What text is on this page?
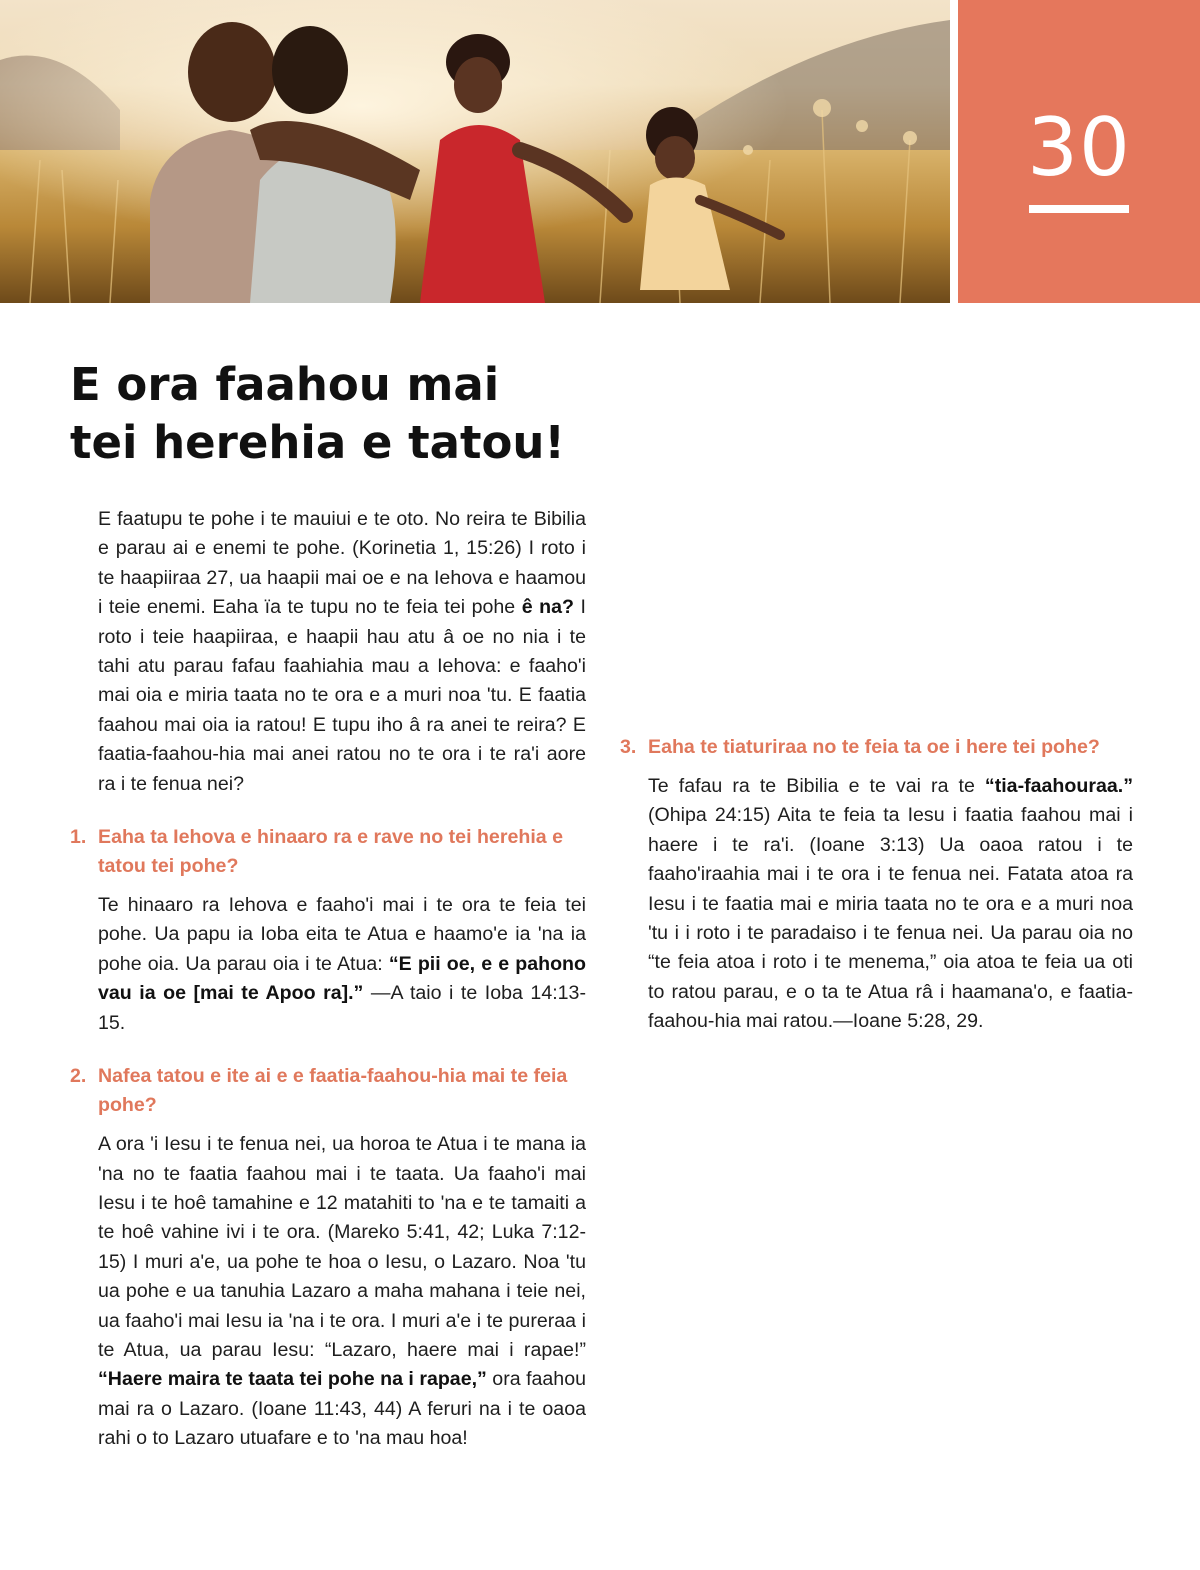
30
E ora faahou mai
tei herehia e tatou!

E faatupu te pohe i te mauiui e te oto. No reira te Bibilia e parau ai e enemi te pohe. (Korinetia 1, 15:26) I roto i te haapiiraa 27, ua haapii mai oe e na Iehova e haamou i teie enemi. Eaha ïa te tupu no te feia tei pohe ê na? I roto i teie haapiiraa, e haapii hau atu â oe no nia i te tahi atu parau fafau faahiahia mau a Iehova: e faaho'i mai oia e miria taata no te ora e a muri noa 'tu. E faatia faahou mai oia ia ratou! E tupu iho â ra anei te reira? E faatia-faahou-hia mai anei ratou no te ora i te ra'i aore ra i te fenua nei?

1. Eaha ta Iehova e hinaaro ra e rave no tei herehia e tatou tei pohe?

Te hinaaro ra Iehova e faaho'i mai i te ora te feia tei pohe. Ua papu ia Ioba eita te Atua e haamo'e ia 'na ia pohe oia. Ua parau oia i te Atua: “E pii oe, e e pahono vau ia oe [mai te Apoo ra].” —A taio i te Ioba 14:13-15.

2. Nafea tatou e ite ai e e faatia-faahou-hia mai te feia pohe?

A ora 'i Iesu i te fenua nei, ua horoa te Atua i te mana ia 'na no te faatia faahou mai i te taata. Ua faaho'i mai Iesu i te hoê tamahine e 12 matahiti to 'na e te tamaiti a te hoê vahine ivi i te ora. (Mareko 5:41, 42; Luka 7:12-15) I muri a'e, ua pohe te hoa o Iesu, o Lazaro. Noa 'tu ua pohe e ua tanuhia Lazaro a maha mahana i teie nei, ua faaho'i mai Iesu ia 'na i te ora. I muri a'e i te pureraa i te Atua, ua parau Iesu: “Lazaro, haere mai i rapae!” “Haere maira te taata tei pohe na i rapae,” ora faahou mai ra o Lazaro. (Ioane 11:43, 44) A feruri na i te oaoa rahi o to Lazaro utuafare e to 'na mau hoa!

3. Eaha te tiaturiraa no te feia ta oe i here tei pohe?

Te fafau ra te Bibilia e te vai ra te “tia-faahouraa.” (Ohipa 24:15) Aita te feia ta Iesu i faatia faahou mai i haere i te ra'i. (Ioane 3:13) Ua oaoa ratou i te faaho'iraahia mai i te ora i te fenua nei. Fatata atoa ra Iesu i te faatia mai e miria taata no te ora e a muri noa 'tu i i roto i te paradaiso i te fenua nei. Ua parau oia no “te feia atoa i roto i te menema,” oia atoa te feia ua oti to ratou parau, e o ta te Atua râ i haamana'o, e faatia-faahou-hia mai ratou.—Ioane 5:28, 29.
